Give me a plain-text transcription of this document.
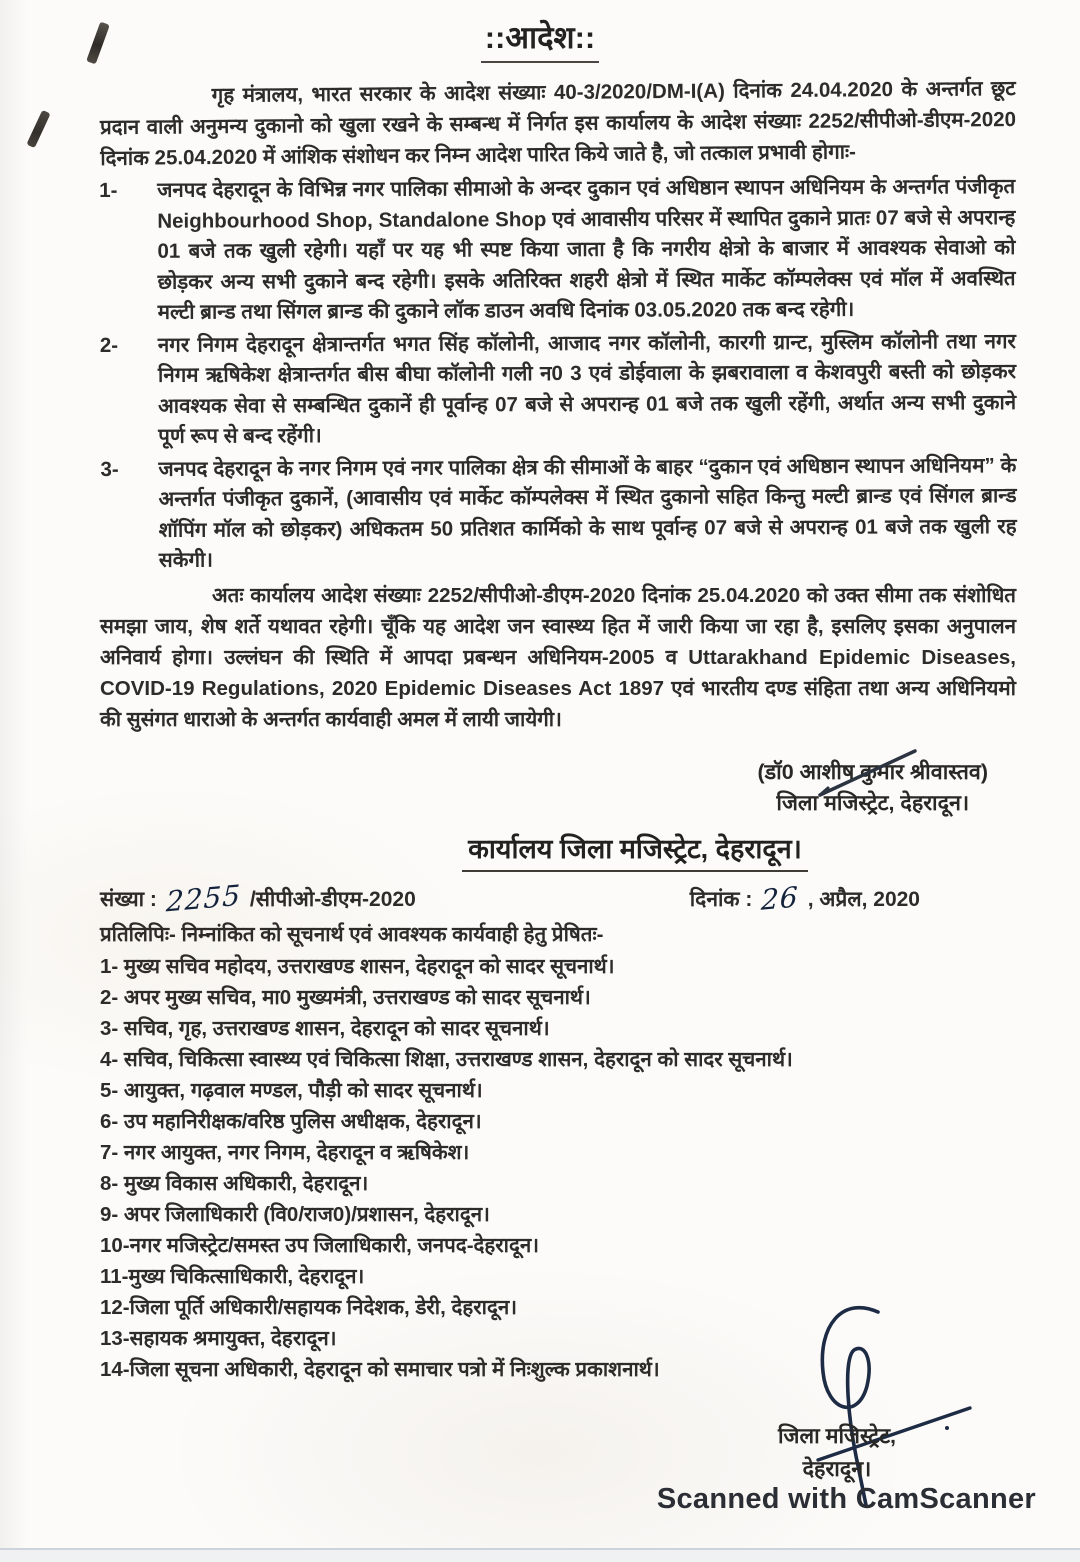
::आदेश::

गृह मंत्रालय, भारत सरकार के आदेश संख्याः 40-3/2020/DM-I(A) दिनांक 24.04.2020 के अन्तर्गत छूट प्रदान वाली अनुमन्य दुकानो को खुला रखने के सम्बन्ध में निर्गत इस कार्यालय के आदेश संख्याः 2252/सीपीओ-डीएम-2020 दिनांक 25.04.2020 में आंशिक संशोधन कर निम्न आदेश पारित किये जाते है, जो तत्काल प्रभावी होगाः-

1-	जनपद देहरादून के विभिन्न नगर पालिका सीमाओ के अन्दर दुकान एवं अधिष्ठान स्थापन अधिनियम के अन्तर्गत पंजीकृत Neighbourhood Shop, Standalone Shop एवं आवासीय परिसर में स्थापित दुकाने प्रातः 07 बजे से अपरान्ह 01 बजे तक खुली रहेगी। यहाँ पर यह भी स्पष्ट किया जाता है कि नगरीय क्षेत्रो के बाजार में आवश्यक सेवाओ को छोड़कर अन्य सभी दुकाने बन्द रहेगी। इसके अतिरिक्त शहरी क्षेत्रो में स्थित मार्केट कॉम्पलेक्स एवं मॉल में अवस्थित मल्टी ब्रान्ड तथा सिंगल ब्रान्ड की दुकाने लॉक डाउन अवधि दिनांक 03.05.2020 तक बन्द रहेगी।
2-	नगर निगम देहरादून क्षेत्रान्तर्गत भगत सिंह कॉलोनी, आजाद नगर कॉलोनी, कारगी ग्रान्ट, मुस्लिम कॉलोनी तथा नगर निगम ऋषिकेश क्षेत्रान्तर्गत बीस बीघा कॉलोनी गली न0 3 एवं डोईवाला के झबरावाला व केशवपुरी बस्ती को छोड़कर आवश्यक सेवा से सम्बन्धित दुकानें ही पूर्वान्ह 07 बजे से अपरान्ह 01 बजे तक खुली रहेंगी, अर्थात अन्य सभी दुकाने पूर्ण रूप से बन्द रहेंगी।
3-	जनपद देहरादून के नगर निगम एवं नगर पालिका क्षेत्र की सीमाओं के बाहर “दुकान एवं अधिष्ठान स्थापन अधिनियम” के अन्तर्गत पंजीकृत दुकानें, (आवासीय एवं मार्केट कॉम्पलेक्स में स्थित दुकानो सहित किन्तु मल्टी ब्रान्ड एवं सिंगल ब्रान्ड शॉपिंग मॉल को छोड़कर) अधिकतम 50 प्रतिशत कार्मिको के साथ पूर्वान्ह 07 बजे से अपरान्ह 01 बजे तक खुली रह सकेगी।

अतः कार्यालय आदेश संख्याः 2252/सीपीओ-डीएम-2020 दिनांक 25.04.2020 को उक्त सीमा तक संशोधित समझा जाय, शेष शर्ते यथावत रहेगी। चूँकि यह आदेश जन स्वास्थ्य हित में जारी किया जा रहा है, इसलिए इसका अनुपालन अनिवार्य होगा। उल्लंघन की स्थिति में आपदा प्रबन्धन अधिनियम-2005 व Uttarakhand Epidemic Diseases, COVID-19 Regulations, 2020 Epidemic Diseases Act 1897 एवं भारतीय दण्ड संहिता तथा अन्य अधिनियमो की सुसंगत धाराओ के अन्तर्गत कार्यवाही अमल में लायी जायेगी।

(डॉ0 आशीष कुमार श्रीवास्तव)
जिला मजिस्ट्रेट, देहरादून।
कार्यालय जिला मजिस्ट्रेट, देहरादून।
संख्या : 2255 /सीपीओ-डीएम-2020	दिनांक : 26 , अप्रैल, 2020

प्रतिलिपिः- निम्नांकित को सूचनार्थ एवं आवश्यक कार्यवाही हेतु प्रेषितः-

1- मुख्य सचिव महोदय, उत्तराखण्ड शासन, देहरादून को सादर सूचनार्थ।
2- अपर मुख्य सचिव, मा0 मुख्यमंत्री, उत्तराखण्ड को सादर सूचनार्थ।
3- सचिव, गृह, उत्तराखण्ड शासन, देहरादून को सादर सूचनार्थ।
4- सचिव, चिकित्सा स्वास्थ्य एवं चिकित्सा शिक्षा, उत्तराखण्ड शासन, देहरादून को सादर सूचनार्थ।
5- आयुक्त, गढ़वाल मण्डल, पौड़ी को सादर सूचनार्थ।
6- उप महानिरीक्षक/वरिष्ठ पुलिस अधीक्षक, देहरादून।
7- नगर आयुक्त, नगर निगम, देहरादून व ऋषिकेश।
8- मुख्य विकास अधिकारी, देहरादून।
9- अपर जिलाधिकारी (वि0/राज0)/प्रशासन, देहरादून।
10-नगर मजिस्ट्रेट/समस्त उप जिलाधिकारी, जनपद-देहरादून।
11-मुख्य चिकित्साधिकारी, देहरादून।
12-जिला पूर्ति अधिकारी/सहायक निदेशक, डेरी, देहरादून।
13-सहायक श्रमायुक्त, देहरादून।
14-जिला सूचना अधिकारी, देहरादून को समाचार पत्रो में निःशुल्क प्रकाशनार्थ।
जिला मजिस्ट्रेट,
देहरादून।
Scanned with CamScanner
